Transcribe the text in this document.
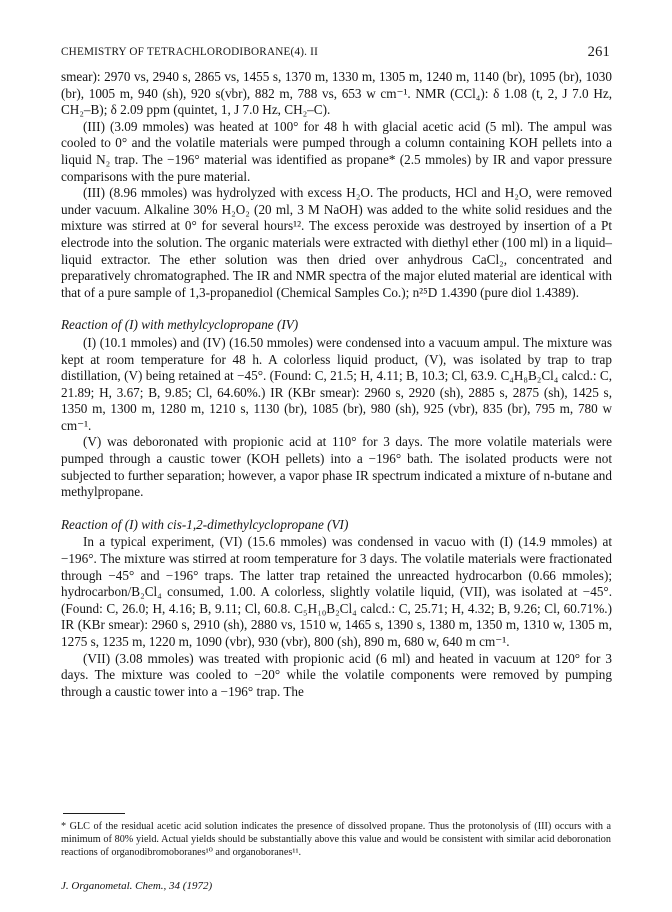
CHEMISTRY OF TETRACHLORODIBORANE(4). II	261

smear): 2970 vs, 2940 s, 2865 vs, 1455 s, 1370 m, 1330 m, 1305 m, 1240 m, 1140 (br), 1095 (br), 1030 (br), 1005 m, 940 (sh), 920 s(vbr), 882 m, 788 vs, 653 w cm⁻¹. NMR (CCl₄): δ 1.08 (t, 2, J 7.0 Hz, CH₂–B); δ 2.09 ppm (quintet, 1, J 7.0 Hz, CH₂–C).

(III) (3.09 mmoles) was heated at 100° for 48 h with glacial acetic acid (5 ml). The ampul was cooled to 0° and the volatile materials were pumped through a column containing KOH pellets into a liquid N₂ trap. The −196° material was identified as propane* (2.5 mmoles) by IR and vapor pressure comparisons with the pure material.

(III) (8.96 mmoles) was hydrolyzed with excess H₂O. The products, HCl and H₂O, were removed under vacuum. Alkaline 30% H₂O₂ (20 ml, 3 M NaOH) was added to the white solid residues and the mixture was stirred at 0° for several hours¹². The excess peroxide was destroyed by insertion of a Pt electrode into the solution. The organic materials were extracted with diethyl ether (100 ml) in a liquid–liquid extractor. The ether solution was then dried over anhydrous CaCl₂, concentrated and preparatively chromatographed. The IR and NMR spectra of the major eluted material are identical with that of a pure sample of 1,3-propanediol (Chemical Samples Co.); n²⁵D 1.4390 (pure diol 1.4389).

Reaction of (I) with methylcyclopropane (IV)

(I) (10.1 mmoles) and (IV) (16.50 mmoles) were condensed into a vacuum ampul. The mixture was kept at room temperature for 48 h. A colorless liquid product, (V), was isolated by trap to trap distillation, (V) being retained at −45°. (Found: C, 21.5; H, 4.11; B, 10.3; Cl, 63.9. C₄H₈B₂Cl₄ calcd.: C, 21.89; H, 3.67; B, 9.85; Cl, 64.60%.) IR (KBr smear): 2960 s, 2920 (sh), 2885 s, 2875 (sh), 1425 s, 1350 m, 1300 m, 1280 m, 1210 s, 1130 (br), 1085 (br), 980 (sh), 925 (vbr), 835 (br), 795 m, 780 w cm⁻¹.

(V) was deboronated with propionic acid at 110° for 3 days. The more volatile materials were pumped through a caustic tower (KOH pellets) into a −196° bath. The isolated products were not subjected to further separation; however, a vapor phase IR spectrum indicated a mixture of n-butane and methylpropane.

Reaction of (I) with cis-1,2-dimethylcyclopropane (VI)

In a typical experiment, (VI) (15.6 mmoles) was condensed in vacuo with (I) (14.9 mmoles) at −196°. The mixture was stirred at room temperature for 3 days. The volatile materials were fractionated through −45° and −196° traps. The latter trap retained the unreacted hydrocarbon (0.66 mmoles); hydrocarbon/B₂Cl₄ consumed, 1.00. A colorless, slightly volatile liquid, (VII), was isolated at −45°. (Found: C, 26.0; H, 4.16; B, 9.11; Cl, 60.8. C₅H₁₀B₂Cl₄ calcd.: C, 25.71; H, 4.32; B, 9.26; Cl, 60.71%.) IR (KBr smear): 2960 s, 2910 (sh), 2880 vs, 1510 w, 1465 s, 1390 s, 1380 m, 1350 m, 1310 w, 1305 m, 1275 s, 1235 m, 1220 m, 1090 (vbr), 930 (vbr), 800 (sh), 890 m, 680 w, 640 m cm⁻¹.

(VII) (3.08 mmoles) was treated with propionic acid (6 ml) and heated in vacuum at 120° for 3 days. The mixture was cooled to −20° while the volatile components were removed by pumping through a caustic tower into a −196° trap. The

* GLC of the residual acetic acid solution indicates the presence of dissolved propane. Thus the protonolysis of (III) occurs with a minimum of 80% yield. Actual yields should be substantially above this value and would be consistent with similar acid deboronation reactions of organodibromoboranes¹⁰ and organoboranes¹¹.

J. Organometal. Chem., 34 (1972)
